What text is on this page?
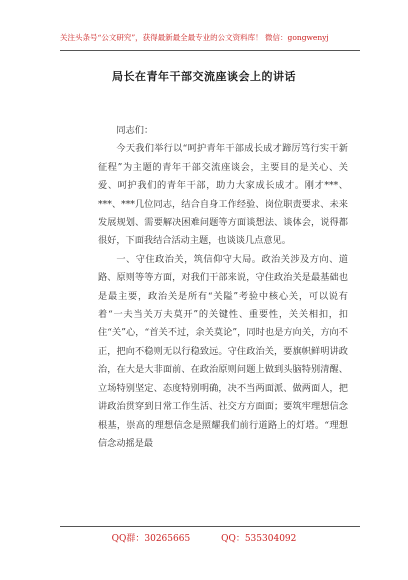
关注头条号“公文研究”，获得最新最全最专业的公文资料库！ 微信：gongwenyj
局长在青年干部交流座谈会上的讲话

同志们：

今天我们举行以“呵护青年干部成长成才蹄厉笃行实干新征程”为主题的青年干部交流座谈会，主要目的是关心、关爱、呵护我们的青年干部，助力大家成长成才。刚才***、***、***几位同志，结合自身工作经验、岗位职责要求、未来发展规划、需要解决困难问题等方面谈想法、谈体会，说得都很好，下面我结合活动主题，也谈谈几点意见。

一、守住政治关，筑信仰守大局。政治关涉及方向、道路、原则等等方面，对我们干部来说，守住政治关是最基础也是最主要，政治关是所有“关隘”考验中核心关，可以说有着“一夫当关万夫莫开”的关键性、重要性，关关相扣，扣住“关”心，“首关不过，余关莫论”，同时也是方向关，方向不正，把向不稳则无以行稳致远。守住政治关，要旗帜鲜明讲政治，在大是大非面前、在政治原则问题上做到头脑特别清醒、立场特别坚定、态度特别明确，决不当两面派、做两面人，把讲政治贯穿到日常工作生活、社交方方面面；要筑牢理想信念根基，崇高的理想信念是照耀我们前行道路上的灯塔。“理想信念动摇是最

QQ群：30265665	QQ：535304092
